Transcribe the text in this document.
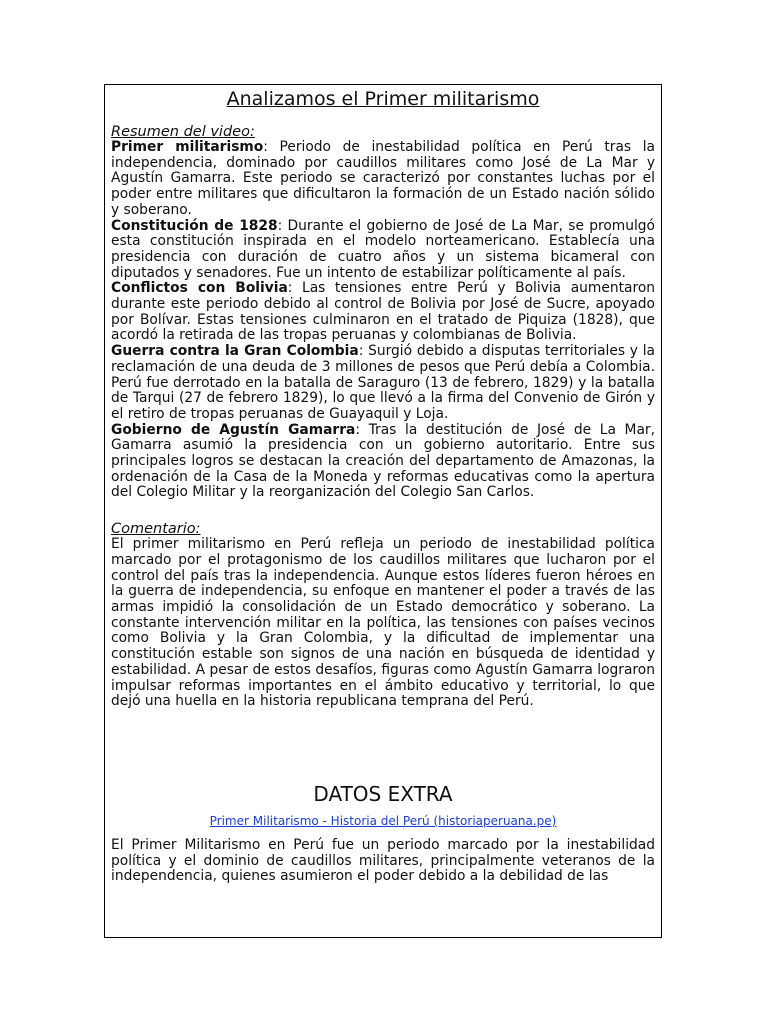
Analizamos el Primer militarismo
Resumen del video:

Primer militarismo: Periodo de inestabilidad política en Perú tras la independencia, dominado por caudillos militares como José de La Mar y Agustín Gamarra. Este periodo se caracterizó por constantes luchas por el poder entre militares que dificultaron la formación de un Estado nación sólido y soberano.

Constitución de 1828: Durante el gobierno de José de La Mar, se promulgó esta constitución inspirada en el modelo norteamericano. Establecía una presidencia con duración de cuatro años y un sistema bicameral con diputados y senadores. Fue un intento de estabilizar políticamente al país.

Conflictos con Bolivia: Las tensiones entre Perú y Bolivia aumentaron durante este periodo debido al control de Bolivia por José de Sucre, apoyado por Bolívar. Estas tensiones culminaron en el tratado de Piquiza (1828), que acordó la retirada de las tropas peruanas y colombianas de Bolivia.

Guerra contra la Gran Colombia: Surgió debido a disputas territoriales y la reclamación de una deuda de 3 millones de pesos que Perú debía a Colombia. Perú fue derrotado en la batalla de Saraguro (13 de febrero, 1829) y la batalla de Tarqui (27 de febrero 1829), lo que llevó a la firma del Convenio de Girón y el retiro de tropas peruanas de Guayaquil y Loja.

Gobierno de Agustín Gamarra: Tras la destitución de José de La Mar, Gamarra asumió la presidencia con un gobierno autoritario. Entre sus principales logros se destacan la creación del departamento de Amazonas, la ordenación de la Casa de la Moneda y reformas educativas como la apertura del Colegio Militar y la reorganización del Colegio San Carlos.

Comentario:

El primer militarismo en Perú refleja un periodo de inestabilidad política marcado por el protagonismo de los caudillos militares que lucharon por el control del país tras la independencia. Aunque estos líderes fueron héroes en la guerra de independencia, su enfoque en mantener el poder a través de las armas impidió la consolidación de un Estado democrático y soberano. La constante intervención militar en la política, las tensiones con países vecinos como Bolivia y la Gran Colombia, y la dificultad de implementar una constitución estable son signos de una nación en búsqueda de identidad y estabilidad. A pesar de estos desafíos, figuras como Agustín Gamarra lograron impulsar reformas importantes en el ámbito educativo y territorial, lo que dejó una huella en la historia republicana temprana del Perú.

DATOS EXTRA
Primer Militarismo - Historia del Perú (historiaperuana.pe)

El Primer Militarismo en Perú fue un periodo marcado por la inestabilidad política y el dominio de caudillos militares, principalmente veteranos de la independencia, quienes asumieron el poder debido a la debilidad de las
